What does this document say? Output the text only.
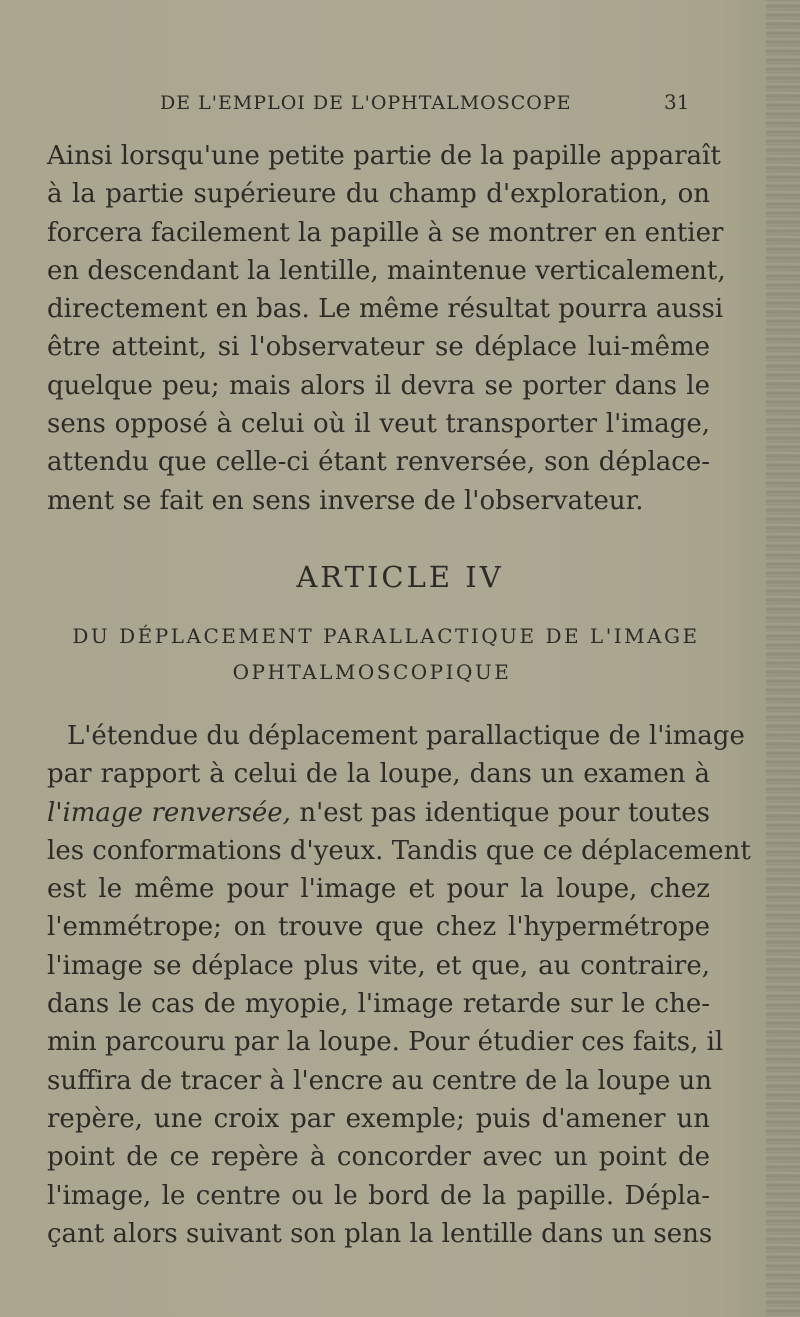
DE L'EMPLOI DE L'OPHTALMOSCOPE	31
Ainsi lorsqu'une petite partie de la papille apparaît
à la partie supérieure du champ d'exploration, on
forcera facilement la papille à se montrer en entier
en descendant la lentille, maintenue verticalement,
directement en bas. Le même résultat pourra aussi
être atteint, si l'observateur se déplace lui-même
quelque peu; mais alors il devra se porter dans le
sens opposé à celui où il veut transporter l'image,
attendu que celle-ci étant renversée, son déplace-
ment se fait en sens inverse de l'observateur.
ARTICLE IV
DU DÉPLACEMENT PARALLACTIQUE DE L'IMAGE
OPHTALMOSCOPIQUE
L'étendue du déplacement parallactique de l'image
par rapport à celui de la loupe, dans un examen à
l'image renversée, n'est pas identique pour toutes
les conformations d'yeux. Tandis que ce déplacement
est le même pour l'image et pour la loupe, chez
l'emmétrope; on trouve que chez l'hypermétrope
l'image se déplace plus vite, et que, au contraire,
dans le cas de myopie, l'image retarde sur le che-
min parcouru par la loupe. Pour étudier ces faits, il
suffira de tracer à l'encre au centre de la loupe un
repère, une croix par exemple; puis d'amener un
point de ce repère à concorder avec un point de
l'image, le centre ou le bord de la papille. Dépla-
çant alors suivant son plan la lentille dans un sens
